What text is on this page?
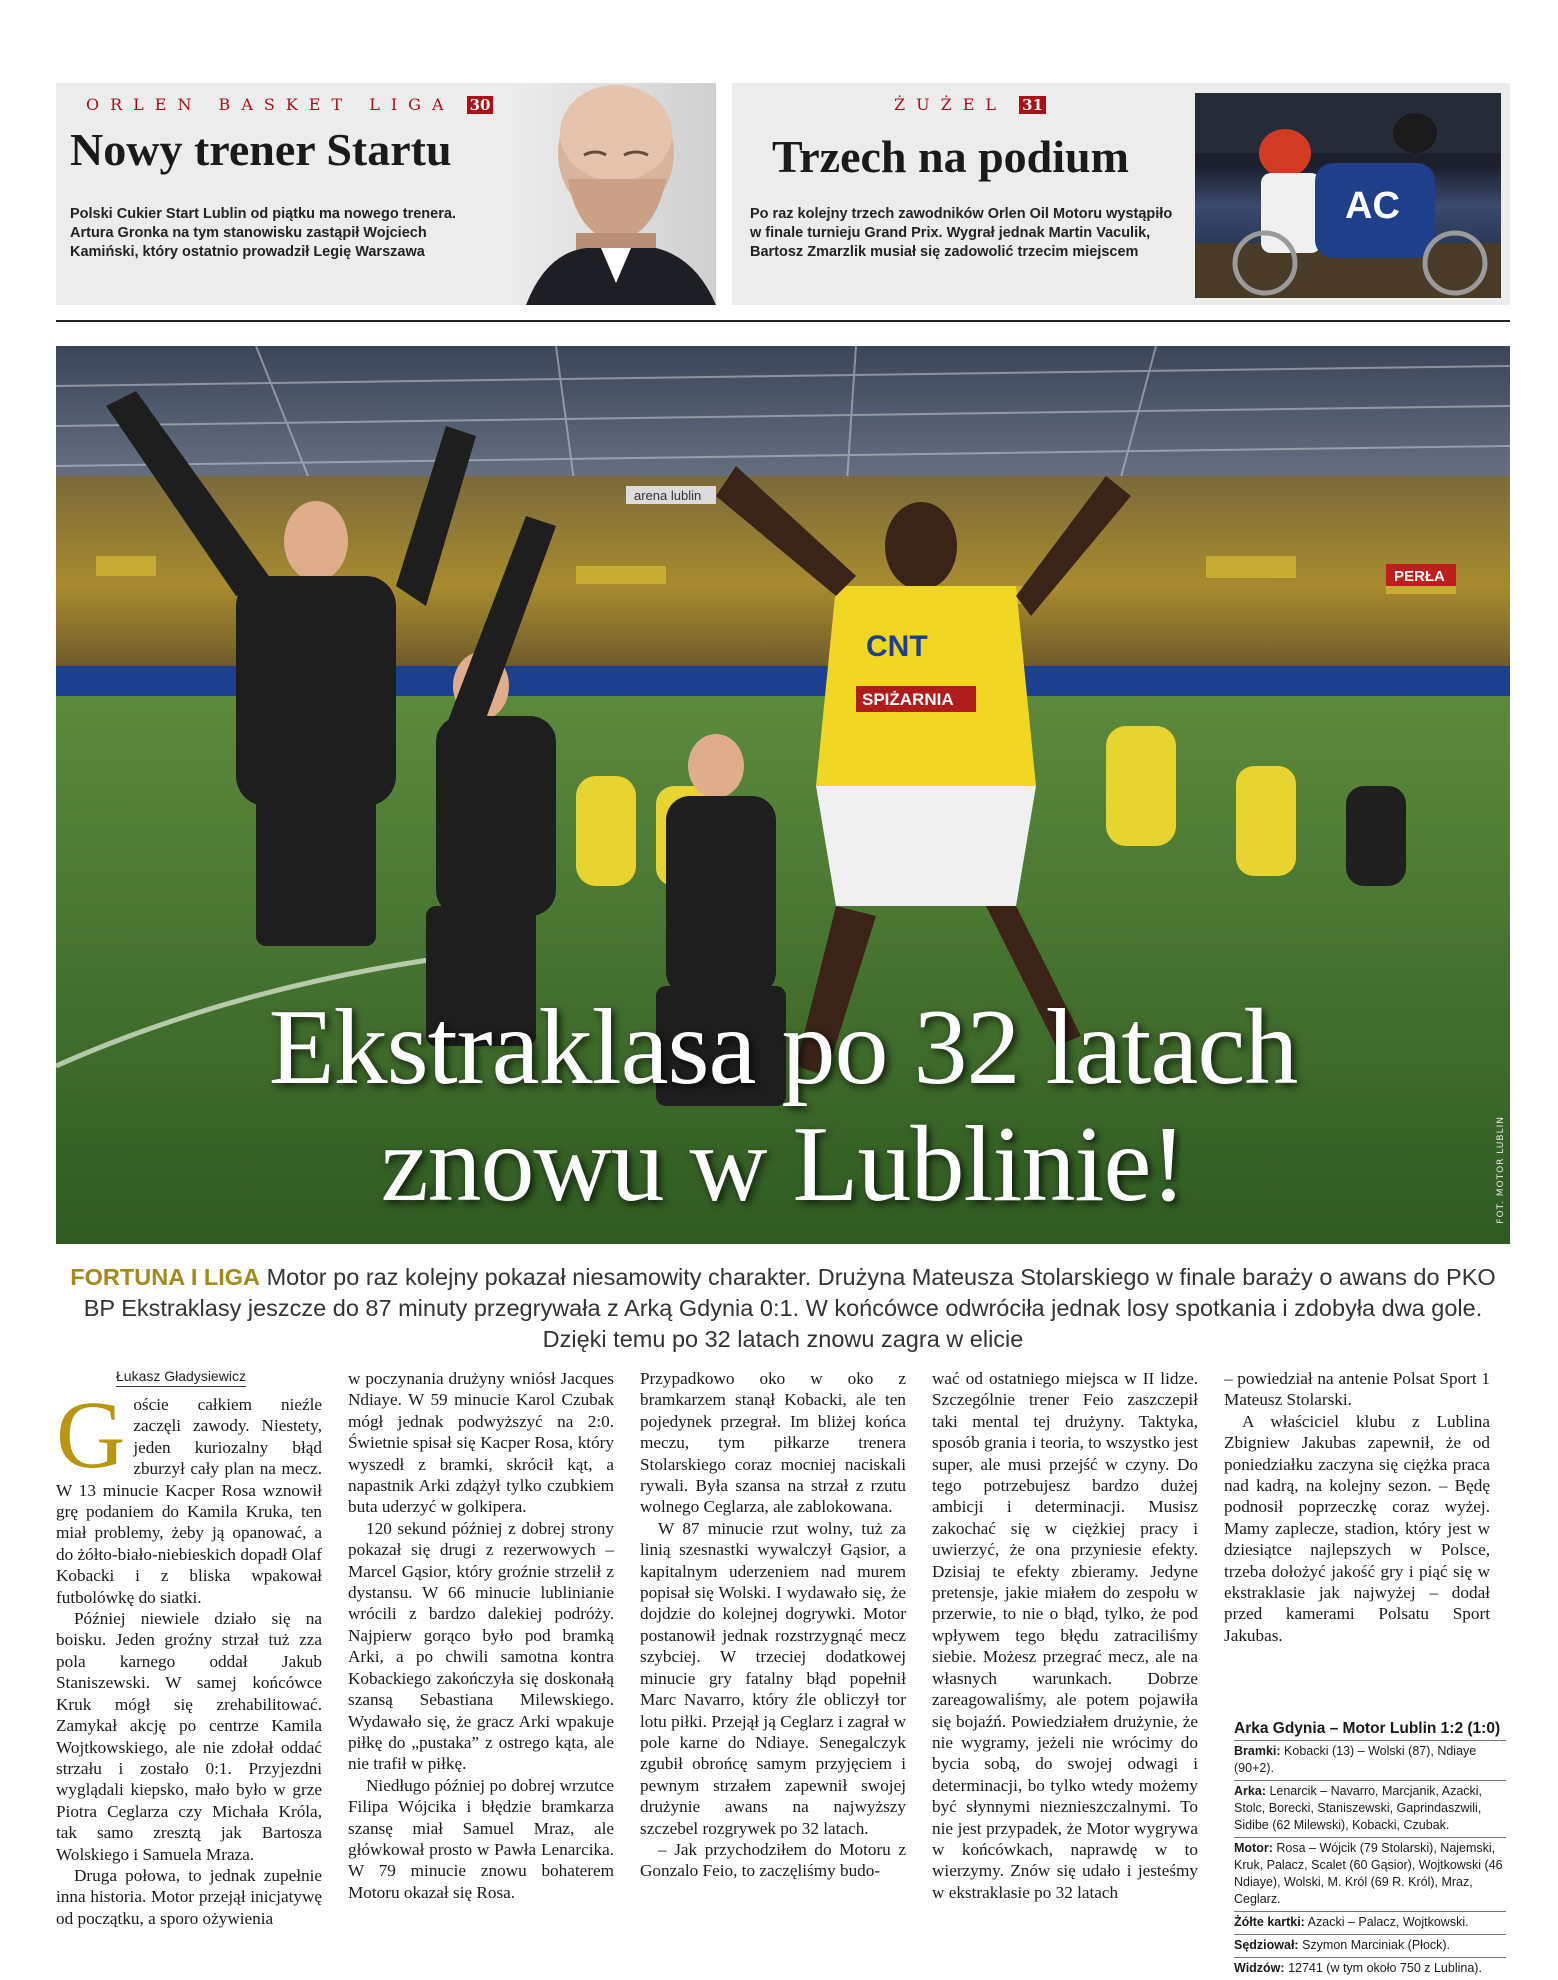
ORLEN BASKET LIGA 30
Nowy trener Startu

Polski Cukier Start Lublin od piątku ma nowego trenera. Artura Gronka na tym stanowisku zastąpił Wojciech Kamiński, który ostatnio prowadził Legię Warszawa

ŻUŻEL 31
Trzech na podium

Po raz kolejny trzech zawodników Orlen Oil Motoru wystąpiło w finale turnieju Grand Prix. Wygrał jednak Martin Vaculik, Bartosz Zmarzlik musiał się zadowolić trzecim miejscem

AC
arena lublin
PERŁA
CNT
SPIŻARNIA
Ekstraklasa po 32 latach
znowu w Lublinie!	FOT. MOTOR LUBLIN
FORTUNA I LIGA Motor po raz kolejny pokazał niesamowity charakter. Drużyna Mateusza Stolarskiego w finale baraży o awans do PKO BP Ekstraklasy jeszcze do 87 minuty przegrywała z Arką Gdynia 0:1. W końcówce odwróciła jednak losy spotkania i zdobyła dwa gole. Dzięki temu po 32 latach znowu zagra w elicie
Łukasz Gładysiewicz
G oście całkiem nieźle zaczęli zawody. Niestety, jeden kuriozalny błąd zburzył cały plan na mecz. W 13 minucie Kacper Rosa wznowił grę podaniem do Kamila Kruka, ten miał problemy, żeby ją opanować, a do żółto-biało-niebieskich dopadł Olaf Kobacki i z bliska wpakował futbolówkę do siatki.

Później niewiele działo się na boisku. Jeden groźny strzał tuż zza pola karnego oddał Jakub Staniszewski. W samej końcówce Kruk mógł się zrehabilitować. Zamykał akcję po centrze Kamila Wojtkowskiego, ale nie zdołał oddać strzału i zostało 0:1. Przyjezdni wyglądali kiepsko, mało było w grze Piotra Ceglarza czy Michała Króla, tak samo zresztą jak Bartosza Wolskiego i Samuela Mraza.

Druga połowa, to jednak zupełnie inna historia. Motor przejął inicjatywę od początku, a sporo ożywienia

w poczynania drużyny wniósł Jacques Ndiaye. W 59 minucie Karol Czubak mógł jednak podwyższyć na 2:0. Świetnie spisał się Kacper Rosa, który wyszedł z bramki, skrócił kąt, a napastnik Arki zdążył tylko czubkiem buta uderzyć w golkipera.

120 sekund później z dobrej strony pokazał się drugi z rezerwowych – Marcel Gąsior, który groźnie strzelił z dystansu. W 66 minucie lublinianie wrócili z bardzo dalekiej podróży. Najpierw gorąco było pod bramką Arki, a po chwili samotna kontra Kobackiego zakończyła się doskonałą szansą Sebastiana Milewskiego. Wydawało się, że gracz Arki wpakuje piłkę do „pustaka” z ostrego kąta, ale nie trafił w piłkę.

Niedługo później po dobrej wrzutce Filipa Wójcika i błędzie bramkarza szansę miał Samuel Mraz, ale główkował prosto w Pawła Lenarcika. W 79 minucie znowu bohaterem Motoru okazał się Rosa.

Przypadkowo oko w oko z bramkarzem stanął Kobacki, ale ten pojedynek przegrał. Im bliżej końca meczu, tym piłkarze trenera Stolarskiego coraz mocniej naciskali rywali. Była szansa na strzał z rzutu wolnego Ceglarza, ale zablokowana.

W 87 minucie rzut wolny, tuż za linią szesnastki wywalczył Gąsior, a kapitalnym uderzeniem nad murem popisał się Wolski. I wydawało się, że dojdzie do kolejnej dogrywki. Motor postanowił jednak rozstrzygnąć mecz szybciej. W trzeciej dodatkowej minucie gry fatalny błąd popełnił Marc Navarro, który źle obliczył tor lotu piłki. Przejął ją Ceglarz i zagrał w pole karne do Ndiaye. Senegalczyk zgubił obrońcę samym przyjęciem i pewnym strzałem zapewnił swojej drużynie awans na najwyższy szczebel rozgrywek po 32 latach.

– Jak przychodziłem do Motoru z Gonzalo Feio, to zaczęliśmy budo-

wać od ostatniego miejsca w II lidze. Szczególnie trener Feio zaszczepił taki mental tej drużyny. Taktyka, sposób grania i teoria, to wszystko jest super, ale musi przejść w czyny. Do tego potrzebujesz bardzo dużej ambicji i determinacji. Musisz zakochać się w ciężkiej pracy i uwierzyć, że ona przyniesie efekty. Dzisiaj te efekty zbieramy. Jedyne pretensje, jakie miałem do zespołu w przerwie, to nie o błąd, tylko, że pod wpływem tego błędu zatraciliśmy siebie. Możesz przegrać mecz, ale na własnych warunkach. Dobrze zareagowaliśmy, ale potem pojawiła się bojaźń. Powiedziałem drużynie, że nie wygramy, jeżeli nie wrócimy do bycia sobą, do swojej odwagi i determinacji, bo tylko wtedy możemy być słynnymi nieznieszczalnymi. To nie jest przypadek, że Motor wygrywa w końcówkach, naprawdę w to wierzymy. Znów się udało i jesteśmy w ekstraklasie po 32 latach

– powiedział na antenie Polsat Sport 1 Mateusz Stolarski.

A właściciel klubu z Lublina Zbigniew Jakubas zapewnił, że od poniedziałku zaczyna się ciężka praca nad kadrą, na kolejny sezon. – Będę podnosił poprzeczkę coraz wyżej. Mamy zaplecze, stadion, który jest w dziesiątce najlepszych w Polsce, trzeba dołożyć jakość gry i piąć się w ekstraklasie jak najwyżej – dodał przed kamerami Polsatu Sport Jakubas.

Arka Gdynia – Motor Lublin 1:2 (1:0)
Bramki: Kobacki (13) – Wolski (87), Ndiaye (90+2).
Arka: Lenarcik – Navarro, Marcjanik, Azacki, Stolc, Borecki, Staniszewski, Gaprindaszwili, Sidibe (62 Milewski), Kobacki, Czubak.
Motor: Rosa – Wójcik (79 Stolarski), Najemski, Kruk, Palacz, Scalet (60 Gąsior), Wojtkowski (46 Ndiaye), Wolski, M. Król (69 R. Król), Mraz, Ceglarz.
Żółte kartki: Azacki – Palacz, Wojtkowski.
Sędziował: Szymon Marciniak (Płock).
Widzów: 12741 (w tym około 750 z Lublina).
